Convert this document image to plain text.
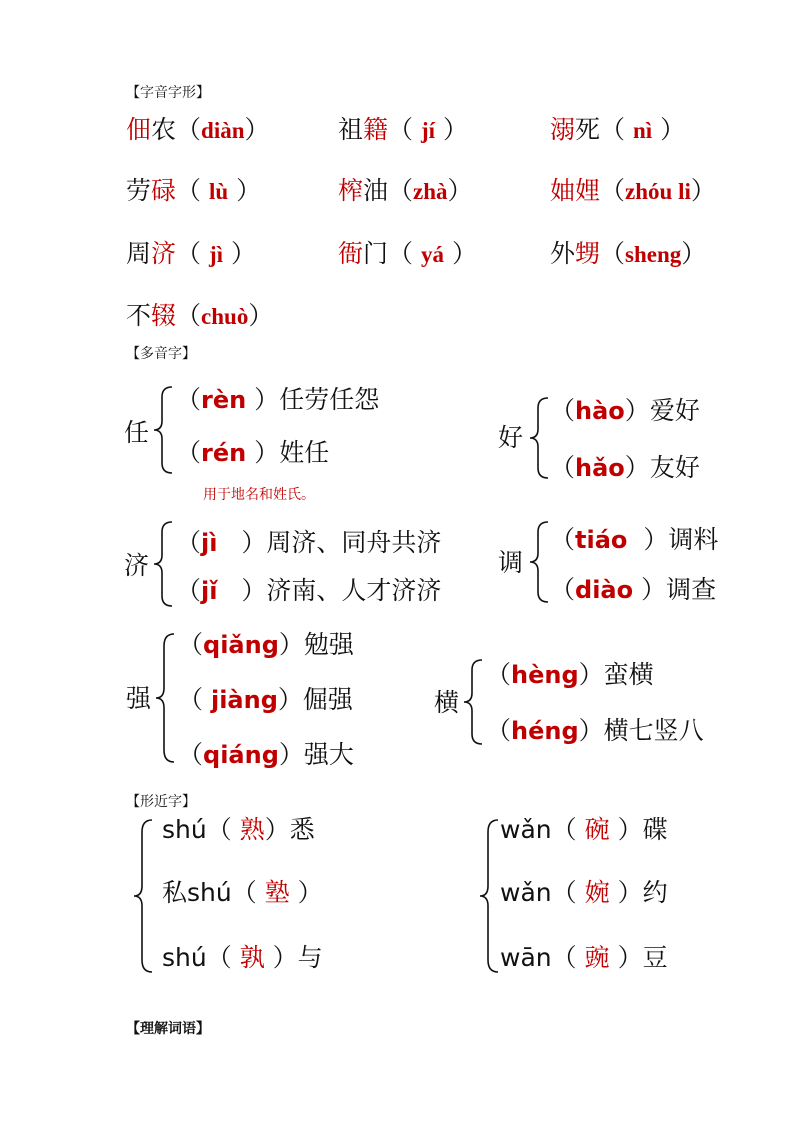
【字音字形】
佃农（diàn）	祖籍（ jí ）	溺死（ nì ）
劳碌（ lù ）	榨油（zhà）	妯娌（zhóu li）
周济（ jì ）	衙门（ yá ）	外甥（sheng）
不辍（chuò）
【多音字】
任
（rèn ）任劳任怨
（rén ）姓任
用于地名和姓氏。
好
（hào）爱好
（hǎo）友好
济
（jì ）周济、同舟共济
（jǐ ）济南、人才济济
调
（tiáo ）调料
（diào ）调查
强
（qiǎng）勉强
（ jiàng）倔强
（qiáng）强大
横
（hèng）蛮横
（héng）横七竖八
【形近字】
shú（ 熟）悉
私shú（ 塾 ）
shú（ 孰 ）与
wǎn（ 碗 ）碟
wǎn（ 婉 ）约
wān（ 豌 ）豆
【理解词语】
